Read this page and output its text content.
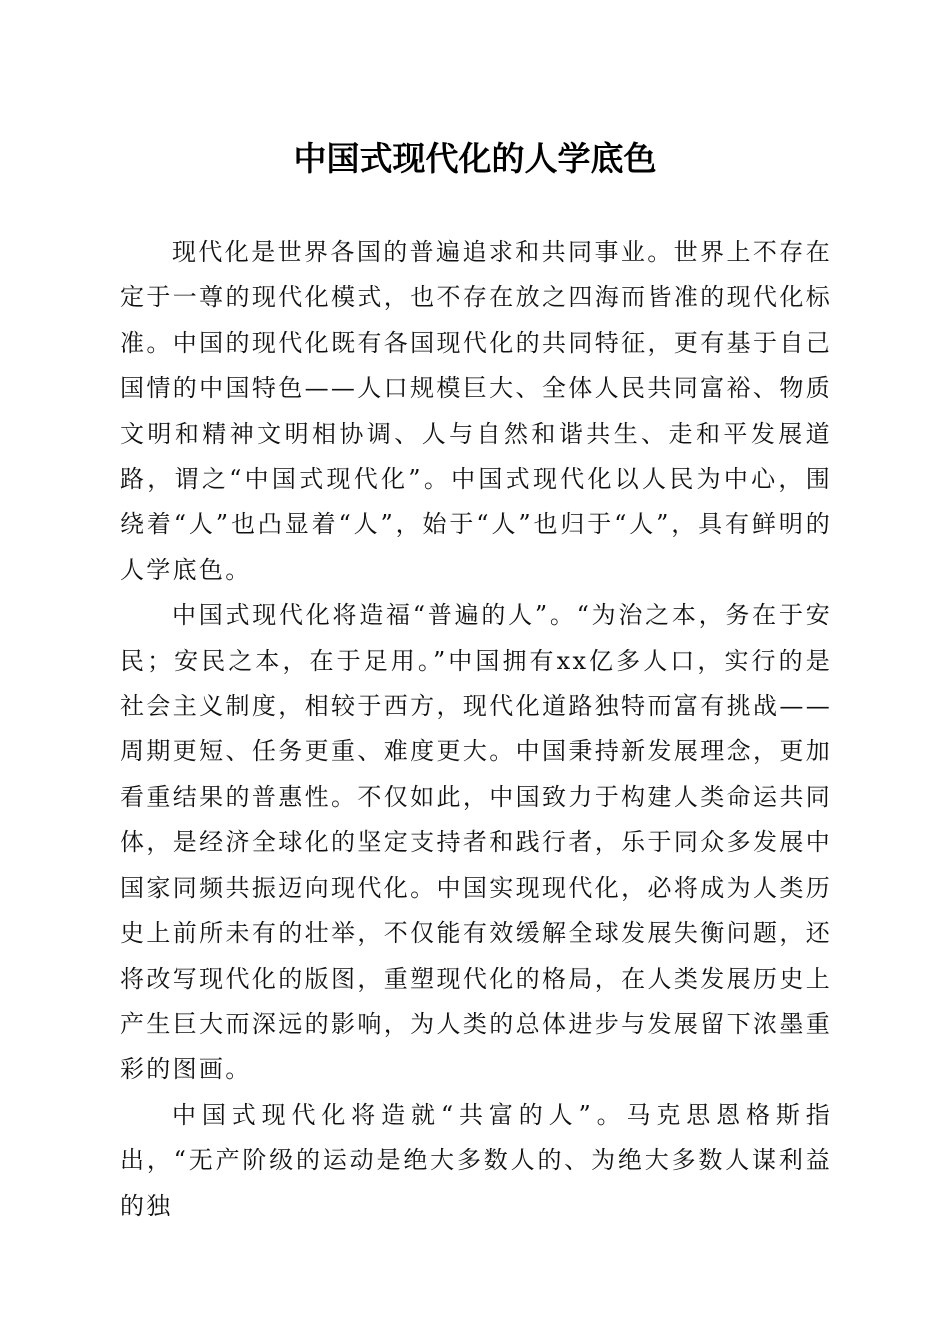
中国式现代化的人学底色

现代化是世界各国的普遍追求和共同事业。世界上不存在定于一尊的现代化模式，也不存在放之四海而皆准的现代化标准。中国的现代化既有各国现代化的共同特征，更有基于自己国情的中国特色——人口规模巨大、全体人民共同富裕、物质文明和精神文明相协调、人与自然和谐共生、走和平发展道路，谓之“中国式现代化”。中国式现代化以人民为中心，围绕着“人”也凸显着“人”，始于“人”也归于“人”，具有鲜明的人学底色。

中国式现代化将造福“普遍的人”。“为治之本，务在于安民；安民之本，在于足用。”中国拥有xx亿多人口，实行的是社会主义制度，相较于西方，现代化道路独特而富有挑战——周期更短、任务更重、难度更大。中国秉持新发展理念，更加看重结果的普惠性。不仅如此，中国致力于构建人类命运共同体，是经济全球化的坚定支持者和践行者，乐于同众多发展中国家同频共振迈向现代化。中国实现现代化，必将成为人类历史上前所未有的壮举，不仅能有效缓解全球发展失衡问题，还将改写现代化的版图，重塑现代化的格局，在人类发展历史上产生巨大而深远的影响，为人类的总体进步与发展留下浓墨重彩的图画。

中国式现代化将造就“共富的人”。马克思恩格斯指出，“无产阶级的运动是绝大多数人的、为绝大多数人谋利益的独
